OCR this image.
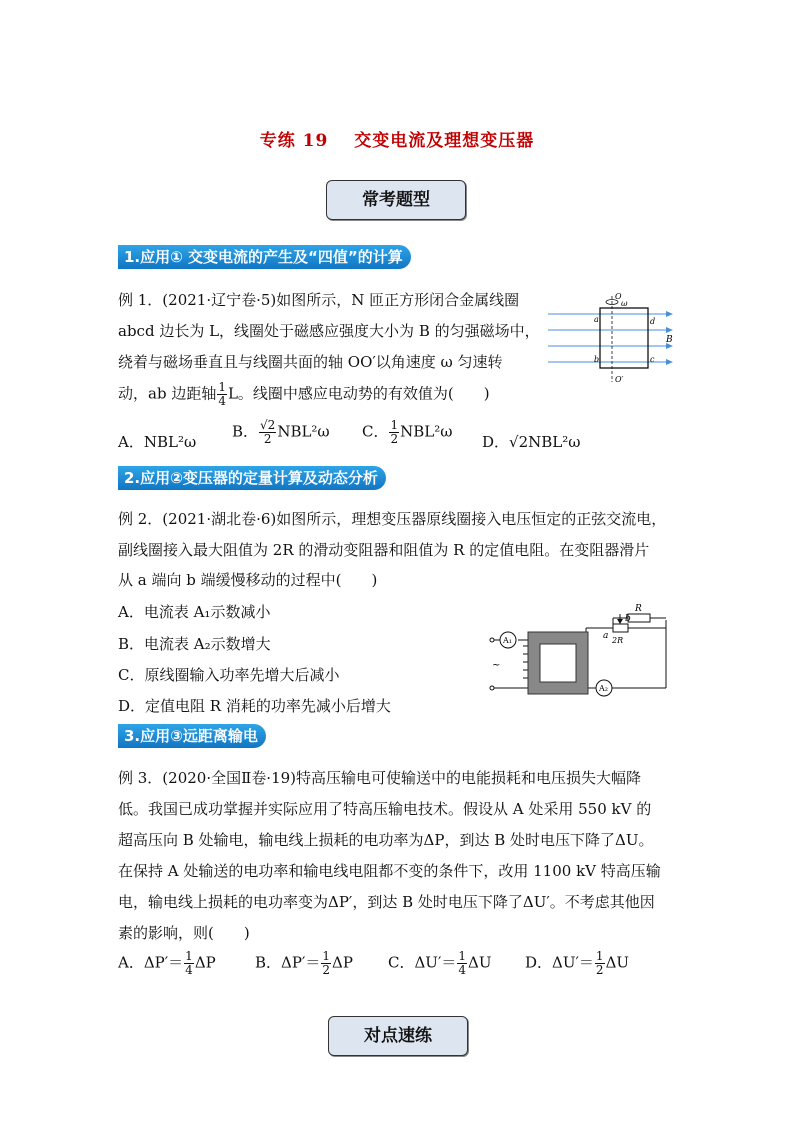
专练 19 交变电流及理想变压器
常考题型
1.应用① 交变电流的产生及“四值”的计算
例 1．(2021·辽宁卷·5)如图所示，N 匝正方形闭合金属线圈
abcd 边长为 L，线圈处于磁感应强度大小为 B 的匀强磁场中，
绕着与磁场垂直且与线圈共面的轴 OO′以角速度 ω 匀速转
动，ab 边距轴 $\frac{1}{4}$ L。线圈中感应电动势的有效值为(　　)
O
ω
O′
a
b	c
d
B
A．NBL²ω
B． $\frac{√2}{2} NBL^2\omega$ C． $\frac{1}{2} NBL^2\omega$
D．√2NBL²ω
2.应用②变压器的定量计算及动态分析
例 2．(2021·湖北卷·6)如图所示，理想变压器原线圈接入电压恒定的正弦交流电，
副线圈接入最大阻值为 2R 的滑动变阻器和阻值为 R 的定值电阻。在变阻器滑片
从 a 端向 b 端缓慢移动的过程中(　　)
A．电流表 A₁示数减小
B．电流表 A₂示数增大
C．原线圈输入功率先增大后减小
D．定值电阻 R 消耗的功率先减小后增大
A₁
A₂
R
2R
a
b
~
3.应用③远距离输电
例 3．(2020·全国Ⅱ卷·19)特高压输电可使输送中的电能损耗和电压损失大幅降
低。我国已成功掌握并实际应用了特高压输电技术。假设从 A 处采用 550 kV 的
超高压向 B 处输电，输电线上损耗的电功率为ΔP，到达 B 处时电压下降了ΔU。
在保持 A 处输送的电功率和输电线电阻都不变的条件下，改用 1100 kV 特高压输
电，输电线上损耗的电功率变为ΔP′，到达 B 处时电压下降了ΔU′。不考虑其他因
素的影响，则(　　)
A．$\Delta P'= \frac{1}{4}$ ΔP	B．$\Delta P'= \frac{1}{2}$ ΔP C．$\Delta U'= \frac{1}{4}$ ΔU D．$\Delta U'= \frac{1}{2}$ ΔU
对点速练
